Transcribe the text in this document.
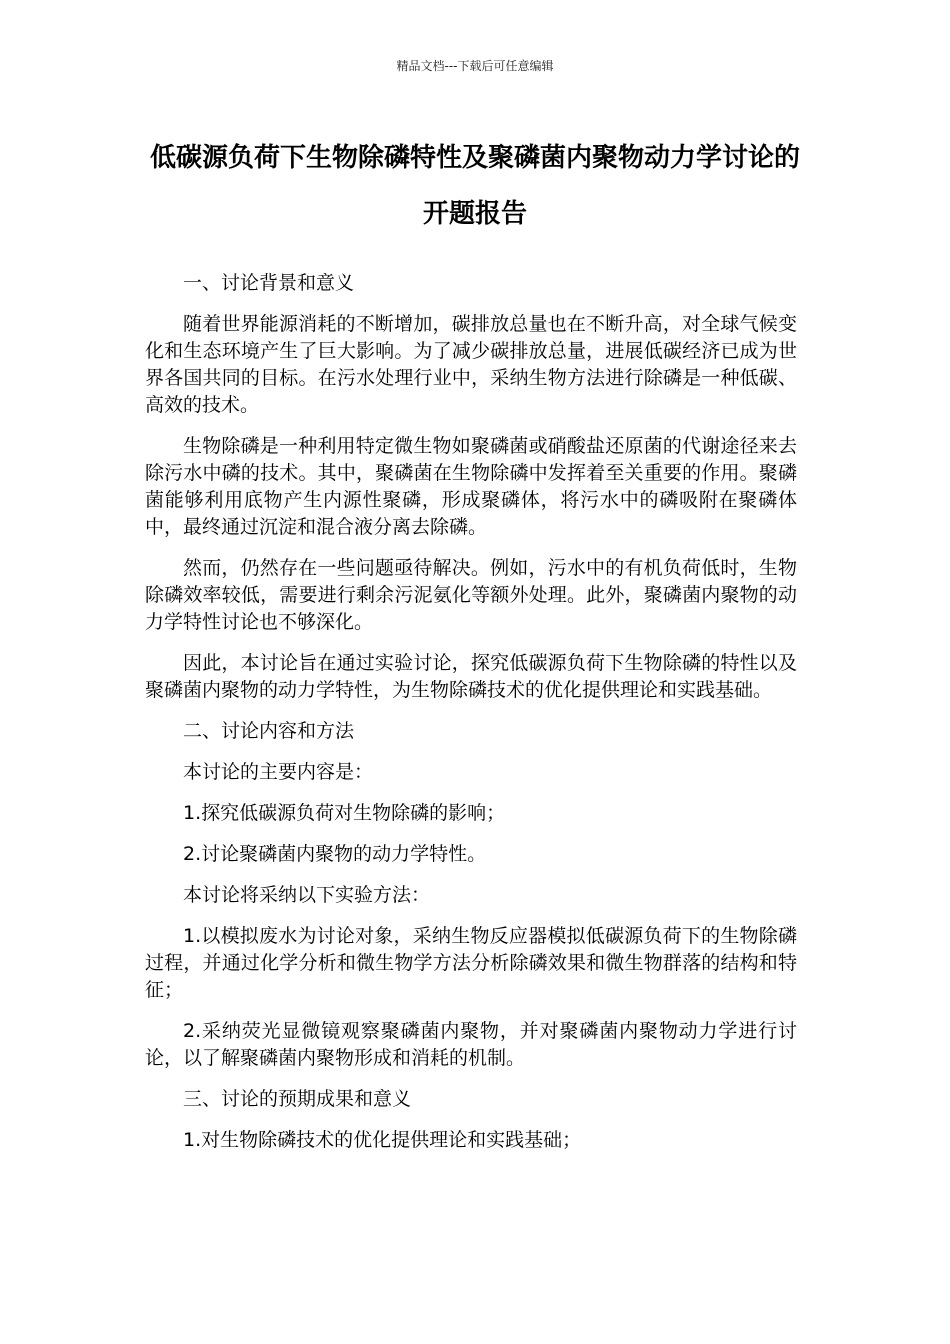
精品文档---下载后可任意编辑
低碳源负荷下生物除磷特性及聚磷菌内聚物动力学讨论的开题报告

一、讨论背景和意义

随着世界能源消耗的不断增加，碳排放总量也在不断升高，对全球气候变化和生态环境产生了巨大影响。为了减少碳排放总量，进展低碳经济已成为世界各国共同的目标。在污水处理行业中，采纳生物方法进行除磷是一种低碳、高效的技术。

生物除磷是一种利用特定微生物如聚磷菌或硝酸盐还原菌的代谢途径来去除污水中磷的技术。其中，聚磷菌在生物除磷中发挥着至关重要的作用。聚磷菌能够利用底物产生内源性聚磷，形成聚磷体，将污水中的磷吸附在聚磷体中，最终通过沉淀和混合液分离去除磷。

然而，仍然存在一些问题亟待解决。例如，污水中的有机负荷低时，生物除磷效率较低，需要进行剩余污泥氨化等额外处理。此外，聚磷菌内聚物的动力学特性讨论也不够深化。

因此，本讨论旨在通过实验讨论，探究低碳源负荷下生物除磷的特性以及聚磷菌内聚物的动力学特性，为生物除磷技术的优化提供理论和实践基础。

二、讨论内容和方法

本讨论的主要内容是：

1.探究低碳源负荷对生物除磷的影响；

2.讨论聚磷菌内聚物的动力学特性。

本讨论将采纳以下实验方法：

1.以模拟废水为讨论对象，采纳生物反应器模拟低碳源负荷下的生物除磷过程，并通过化学分析和微生物学方法分析除磷效果和微生物群落的结构和特征；

2.采纳荧光显微镜观察聚磷菌内聚物，并对聚磷菌内聚物动力学进行讨论，以了解聚磷菌内聚物形成和消耗的机制。

三、讨论的预期成果和意义

1.对生物除磷技术的优化提供理论和实践基础；
